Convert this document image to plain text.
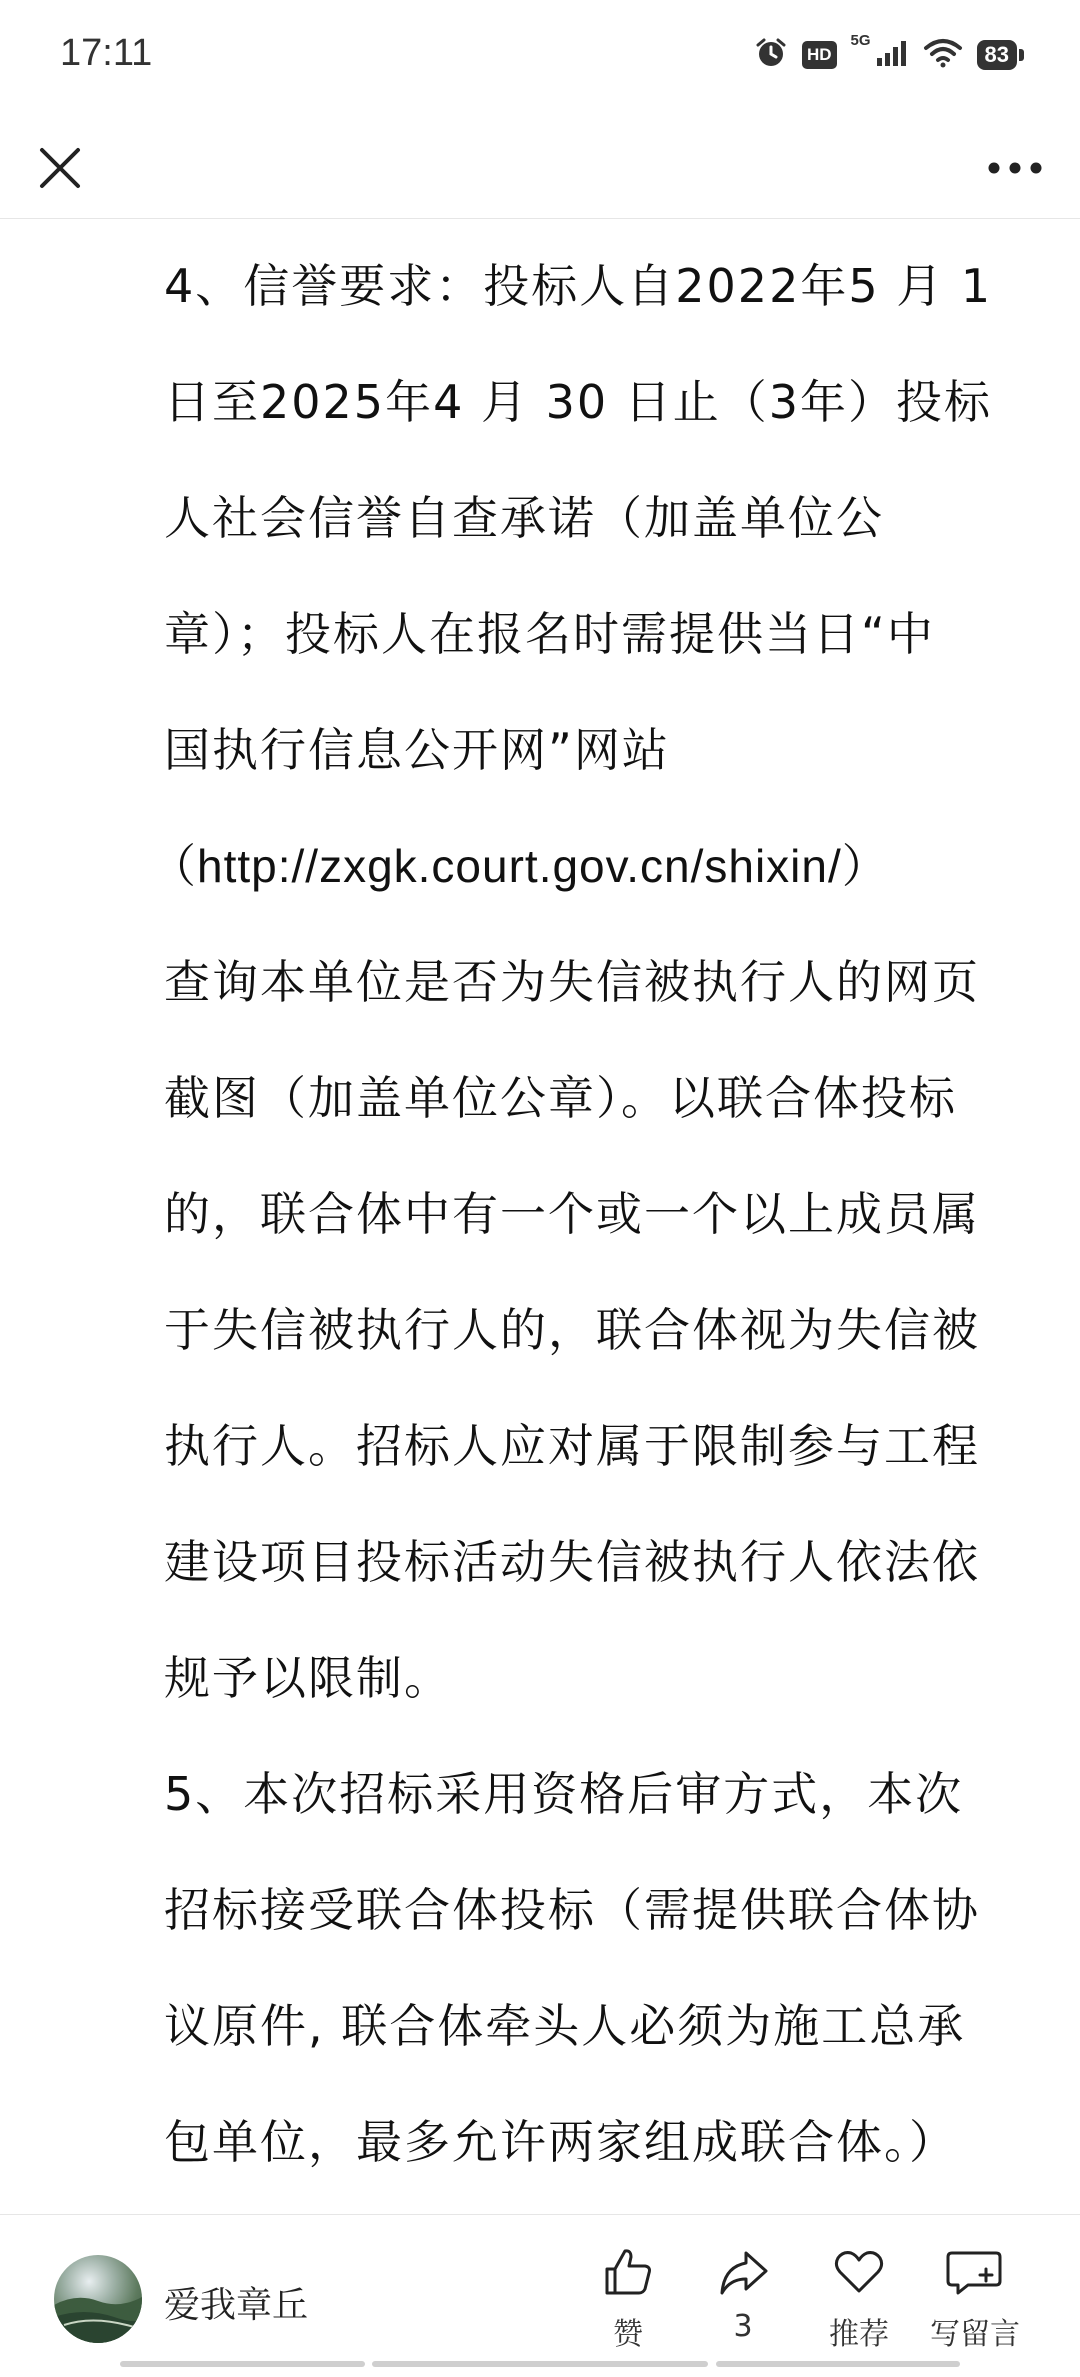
17:11	HD
5G
83
4、信誉要求：投标人自2022年5 月 1
日至2025年4 月 30 日止（3年）投标
人社会信誉自查承诺（加盖单位公
章）；投标人在报名时需提供当日“中
国执行信息公开网”网站
（http://zxgk.court.gov.cn/shixin/）
查询本单位是否为失信被执行人的网页
截图（加盖单位公章）。以联合体投标
的，联合体中有一个或一个以上成员属
于失信被执行人的，联合体视为失信被
执行人。招标人应对属于限制参与工程
建设项目投标活动失信被执行人依法依
规予以限制。
5、本次招标采用资格后审方式，本次
招标接受联合体投标（需提供联合体协
议原件, 联合体牵头人必须为施工总承
包单位，最多允许两家组成联合体。）
爱我章丘
赞	3	推荐	写留言
